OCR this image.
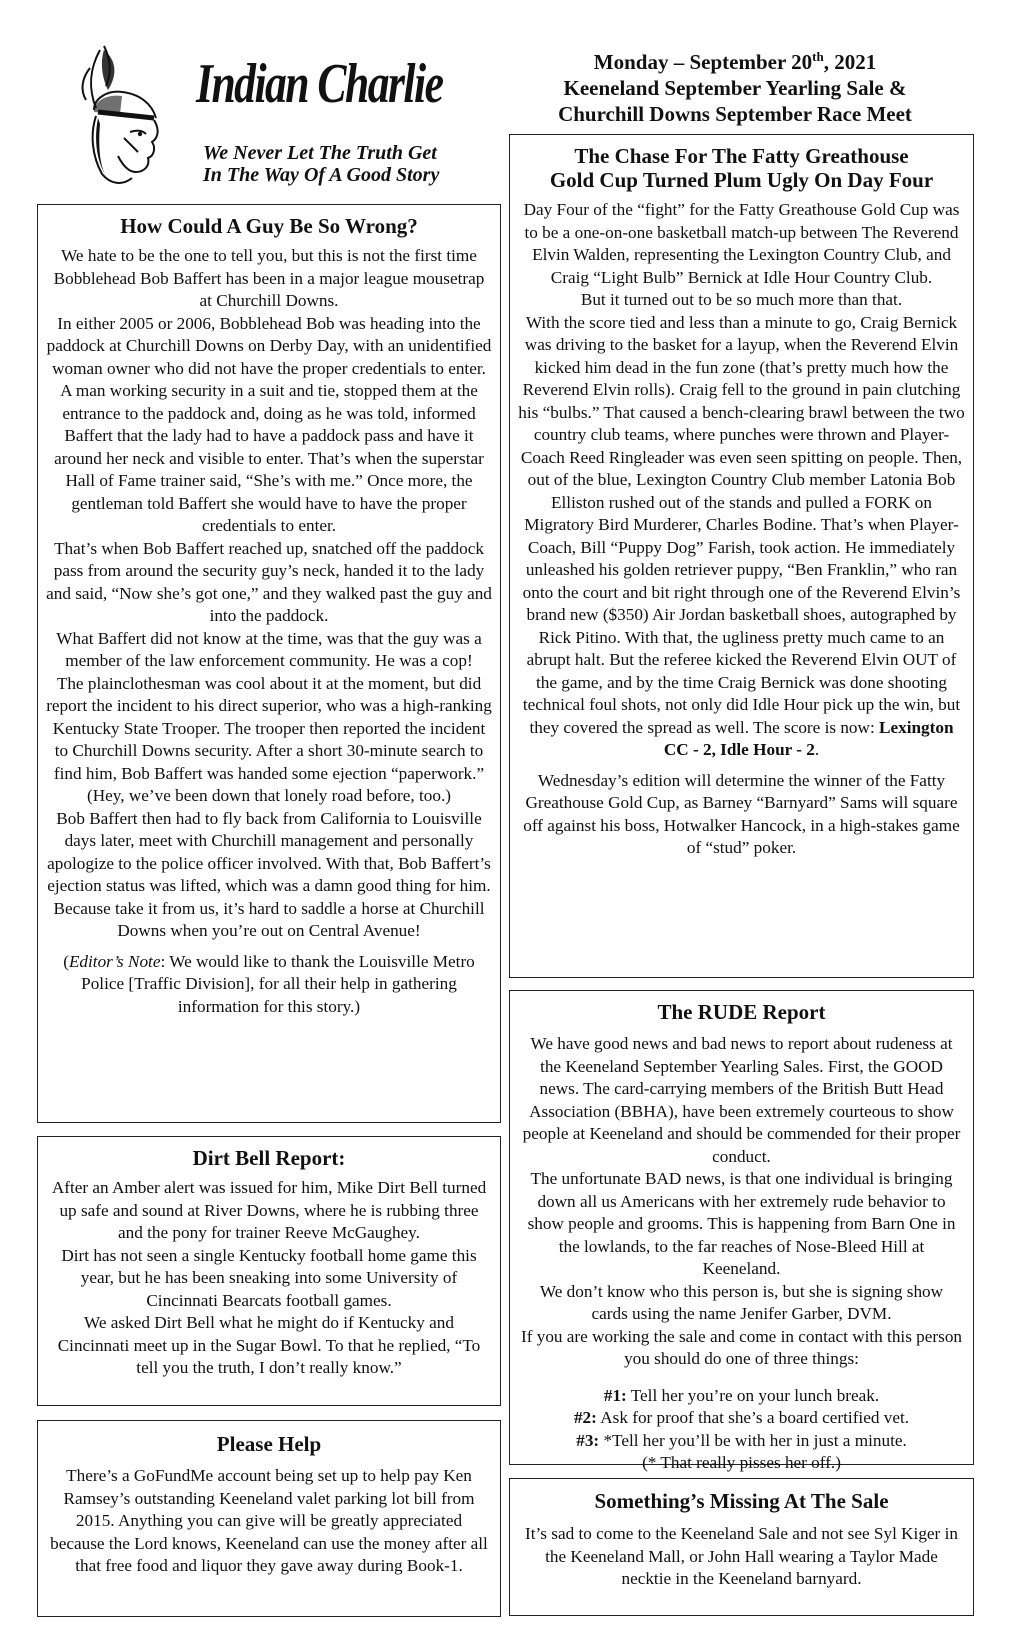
Indian Charlie
We Never Let The Truth Get
In The Way Of A Good Story
Monday – September 20th, 2021
Keeneland September Yearling Sale &
Churchill Downs September Race Meet
How Could A Guy Be So Wrong?

We hate to be the one to tell you, but this is not the first time Bobblehead Bob Baffert has been in a major league mousetrap at Churchill Downs.

In either 2005 or 2006, Bobblehead Bob was heading into the paddock at Churchill Downs on Derby Day, with an unidentified woman owner who did not have the proper credentials to enter. A man working security in a suit and tie, stopped them at the entrance to the paddock and, doing as he was told, informed Baffert that the lady had to have a paddock pass and have it around her neck and visible to enter. That’s when the superstar Hall of Fame trainer said, “She’s with me.” Once more, the gentleman told Baffert she would have to have the proper credentials to enter.

That’s when Bob Baffert reached up, snatched off the paddock pass from around the security guy’s neck, handed it to the lady and said, “Now she’s got one,” and they walked past the guy and into the paddock.

What Baffert did not know at the time, was that the guy was a member of the law enforcement community. He was a cop!

The plainclothesman was cool about it at the moment, but did report the incident to his direct superior, who was a high-ranking Kentucky State Trooper. The trooper then reported the incident to Churchill Downs security. After a short 30-minute search to find him, Bob Baffert was handed some ejection “paperwork.” (Hey, we’ve been down that lonely road before, too.)

Bob Baffert then had to fly back from California to Louisville days later, meet with Churchill management and personally apologize to the police officer involved. With that, Bob Baffert’s ejection status was lifted, which was a damn good thing for him.

Because take it from us, it’s hard to saddle a horse at Churchill Downs when you’re out on Central Avenue!

(Editor’s Note: We would like to thank the Louisville Metro Police [Traffic Division], for all their help in gathering information for this story.)

Dirt Bell Report:

After an Amber alert was issued for him, Mike Dirt Bell turned up safe and sound at River Downs, where he is rubbing three and the pony for trainer Reeve McGaughey.

Dirt has not seen a single Kentucky football home game this year, but he has been sneaking into some University of Cincinnati Bearcats football games.

We asked Dirt Bell what he might do if Kentucky and Cincinnati meet up in the Sugar Bowl. To that he replied, “To tell you the truth, I don’t really know.”

Please Help

There’s a GoFundMe account being set up to help pay Ken Ramsey’s outstanding Keeneland valet parking lot bill from 2015. Anything you can give will be greatly appreciated because the Lord knows, Keeneland can use the money after all that free food and liquor they gave away during Book-1.

The Chase For The Fatty Greathouse
Gold Cup Turned Plum Ugly On Day Four

Day Four of the “fight” for the Fatty Greathouse Gold Cup was to be a one-on-one basketball match-up between The Reverend Elvin Walden, representing the Lexington Country Club, and Craig “Light Bulb” Bernick at Idle Hour Country Club.

But it turned out to be so much more than that.

With the score tied and less than a minute to go, Craig Bernick was driving to the basket for a layup, when the Reverend Elvin kicked him dead in the fun zone (that’s pretty much how the Reverend Elvin rolls). Craig fell to the ground in pain clutching his “bulbs.” That caused a bench-clearing brawl between the two country club teams, where punches were thrown and Player-Coach Reed Ringleader was even seen spitting on people. Then, out of the blue, Lexington Country Club member Latonia Bob Elliston rushed out of the stands and pulled a FORK on Migratory Bird Murderer, Charles Bodine. That’s when Player-Coach, Bill “Puppy Dog” Farish, took action. He immediately unleashed his golden retriever puppy, “Ben Franklin,” who ran onto the court and bit right through one of the Reverend Elvin’s brand new ($350) Air Jordan basketball shoes, autographed by Rick Pitino. With that, the ugliness pretty much came to an abrupt halt. But the referee kicked the Reverend Elvin OUT of the game, and by the time Craig Bernick was done shooting technical foul shots, not only did Idle Hour pick up the win, but they covered the spread as well. The score is now: Lexington CC - 2, Idle Hour - 2.

Wednesday’s edition will determine the winner of the Fatty Greathouse Gold Cup, as Barney “Barnyard” Sams will square off against his boss, Hotwalker Hancock, in a high-stakes game of “stud” poker.

The RUDE Report

We have good news and bad news to report about rudeness at the Keeneland September Yearling Sales. First, the GOOD news. The card-carrying members of the British Butt Head Association (BBHA), have been extremely courteous to show people at Keeneland and should be commended for their proper conduct.

The unfortunate BAD news, is that one individual is bringing down all us Americans with her extremely rude behavior to show people and grooms. This is happening from Barn One in the lowlands, to the far reaches of Nose-Bleed Hill at Keeneland.

We don’t know who this person is, but she is signing show cards using the name Jenifer Garber, DVM.

If you are working the sale and come in contact with this person you should do one of three things:

#1: Tell her you’re on your lunch break.

#2: Ask for proof that she’s a board certified vet.

#3: *Tell her you’ll be with her in just a minute.

(* That really pisses her off.)

Something’s Missing At The Sale

It’s sad to come to the Keeneland Sale and not see Syl Kiger in the Keeneland Mall, or John Hall wearing a Taylor Made necktie in the Keeneland barnyard.
